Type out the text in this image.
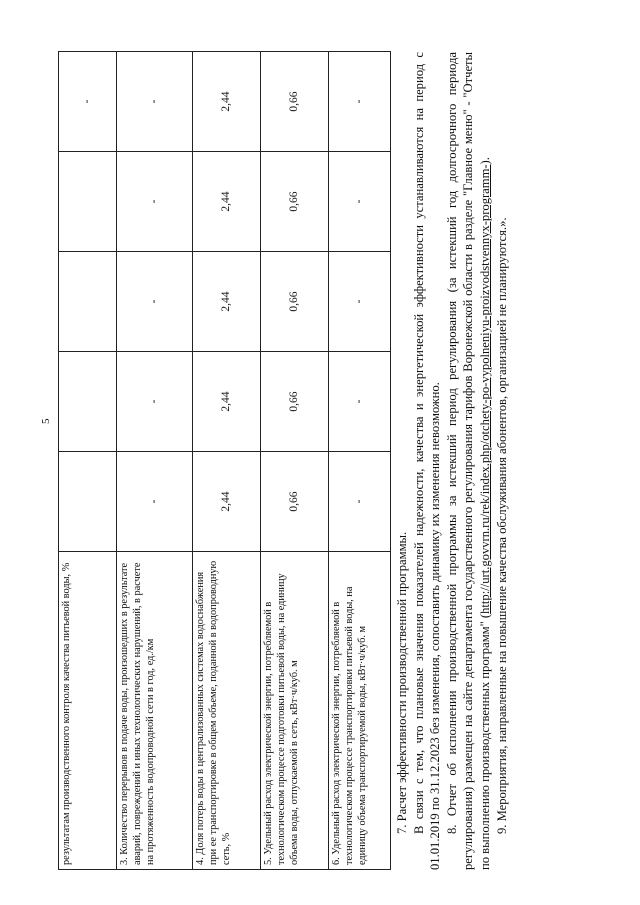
5
результатам производственного контроля качества питьевой воды, %					-
3. Количество перерывов в подаче воды, произошедших в результате аварий, повреждений и иных технологических нарушений, в расчете на протяженность водопроводной сети в год, ед./км	-	-	-	-	-
4. Доля потерь воды в централизованных системах водоснабжения при ее транспортировке в общем объеме, поданной в водопроводную сеть, %	2,44	2,44	2,44	2,44	2,44
5. Удельный расход электрической энергии, потребляемой в технологическом процессе подготовки питьевой воды, на единицу объема воды, отпускаемой в сеть, кВт·ч/куб. м	0,66	0,66	0,66	0,66	0,66
6. Удельный расход электрической энергии, потребляемой в технологическом процессе транспортировки питьевой воды, на единицу объема транспортируемой воды, кВт·ч/куб. м	-	-	-	-	-

7. Расчет эффективности производственной программы. В связи с тем, что плановые значения показателей надежности, качества и энергетической эффективности устанавливаются на период с 01.01.2019 по 31.12.2023 без изменения, сопоставить динамику их изменения невозможно. 8. Отчет об исполнении производственной программы за истекший период регулирования (за истекший год долгосрочного периода регулирования) размещен на сайте департамента государственного регулирования тарифов Воронежской области в разделе "Главное меню" - "Отчеты по выполнению производственных программ" (http://urt.govvrn.ru/rek/index.php/otchety-po-vypolneniyu-proizvodstvennyx-programm-).

9. Мероприятия, направленные на повышение качества обслуживания абонентов, организацией не планируются.».
